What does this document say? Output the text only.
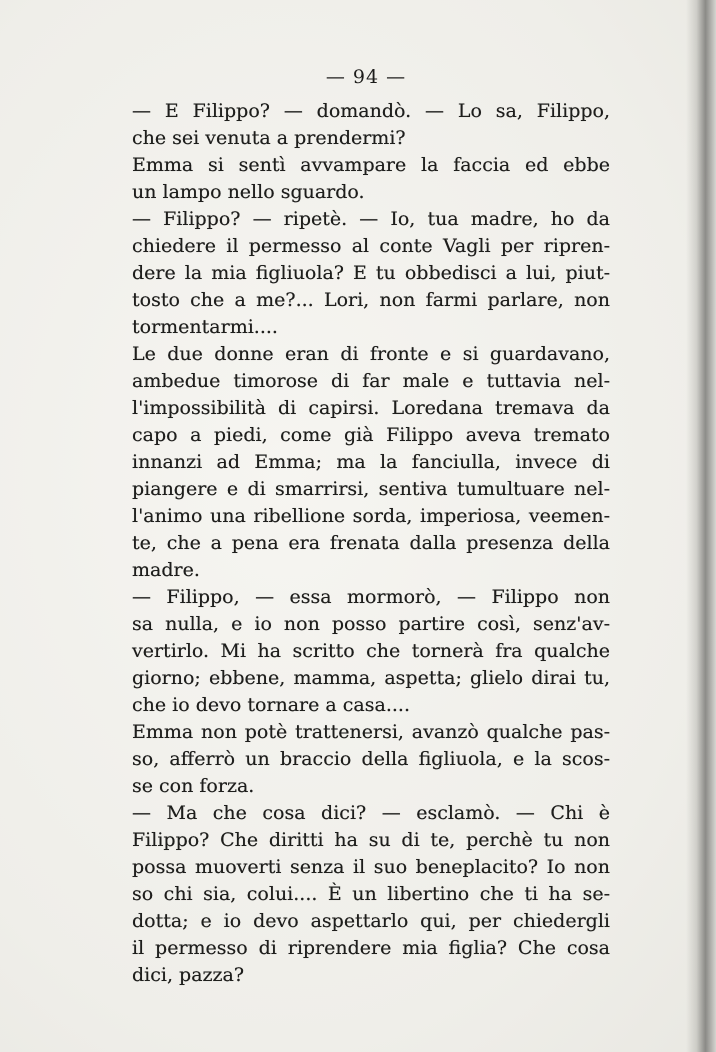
— 94 —

— E Filippo? — domandò. — Lo sa, Filippo,
che sei venuta a prendermi?
Emma si sentì avvampare la faccia ed ebbe
un lampo nello sguardo.
— Filippo? — ripetè. — Io, tua madre, ho da
chiedere il permesso al conte Vagli per ripren-
dere la mia figliuola? E tu obbedisci a lui, piut-
tosto che a me?... Lori, non farmi parlare, non
tormentarmi....
Le due donne eran di fronte e si guardavano,
ambedue timorose di far male e tuttavia nel-
l'impossibilità di capirsi. Loredana tremava da
capo a piedi, come già Filippo aveva tremato
innanzi ad Emma; ma la fanciulla, invece di
piangere e di smarrirsi, sentiva tumultuare nel-
l'animo una ribellione sorda, imperiosa, veemen-
te, che a pena era frenata dalla presenza della
madre.
— Filippo, — essa mormorò, — Filippo non
sa nulla, e io non posso partire così, senz'av-
vertirlo. Mi ha scritto che tornerà fra qualche
giorno; ebbene, mamma, aspetta; glielo dirai tu,
che io devo tornare a casa....
Emma non potè trattenersi, avanzò qualche pas-
so, afferrò un braccio della figliuola, e la scos-
se con forza.
— Ma che cosa dici? — esclamò. — Chi è
Filippo? Che diritti ha su di te, perchè tu non
possa muoverti senza il suo beneplacito? Io non
so chi sia, colui.... È un libertino che ti ha se-
dotta; e io devo aspettarlo qui, per chiedergli
il permesso di riprendere mia figlia? Che cosa
dici, pazza?
